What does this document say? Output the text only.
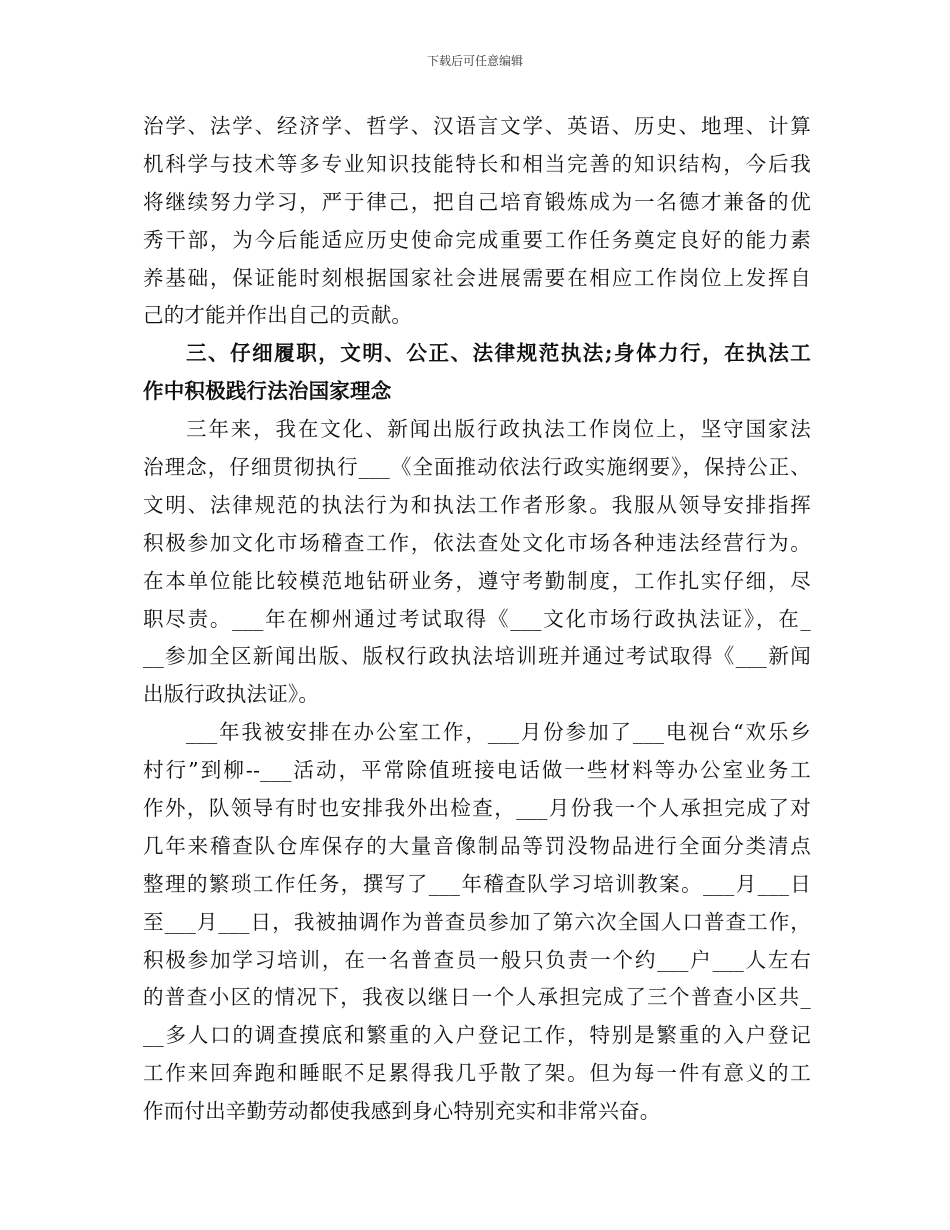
下载后可任意编辑
治学、法学、经济学、哲学、汉语言文学、英语、历史、地理、计算
机科学与技术等多专业知识技能特长和相当完善的知识结构，今后我
将继续努力学习，严于律己，把自己培育锻炼成为一名德才兼备的优
秀干部，为今后能适应历史使命完成重要工作任务奠定良好的能力素
养基础，保证能时刻根据国家社会进展需要在相应工作岗位上发挥自
己的才能并作出自己的贡献。
三、仔细履职，文明、公正、法律规范执法;身体力行，在执法工
作中积极践行法治国家理念
三年来，我在文化、新闻出版行政执法工作岗位上，坚守国家法
治理念，仔细贯彻执行___《全面推动依法行政实施纲要》，保持公正、
文明、法律规范的执法行为和执法工作者形象。我服从领导安排指挥
积极参加文化市场稽查工作，依法查处文化市场各种违法经营行为。
在本单位能比较模范地钻研业务，遵守考勤制度，工作扎实仔细，尽
职尽责。___年在柳州通过考试取得《___文化市场行政执法证》，在_
__参加全区新闻出版、版权行政执法培训班并通过考试取得《___新闻
出版行政执法证》。
___年我被安排在办公室工作，___月份参加了___电视台“欢乐乡
村行”到柳--___活动，平常除值班接电话做一些材料等办公室业务工
作外，队领导有时也安排我外出检查，___月份我一个人承担完成了对
几年来稽查队仓库保存的大量音像制品等罚没物品进行全面分类清点
整理的繁琐工作任务，撰写了___年稽查队学习培训教案。___月___日
至___月___日，我被抽调作为普查员参加了第六次全国人口普查工作，
积极参加学习培训，在一名普查员一般只负责一个约___户___人左右
的普查小区的情况下，我夜以继日一个人承担完成了三个普查小区共_
__多人口的调查摸底和繁重的入户登记工作，特别是繁重的入户登记
工作来回奔跑和睡眠不足累得我几乎散了架。但为每一件有意义的工
作而付出辛勤劳动都使我感到身心特别充实和非常兴奋。
